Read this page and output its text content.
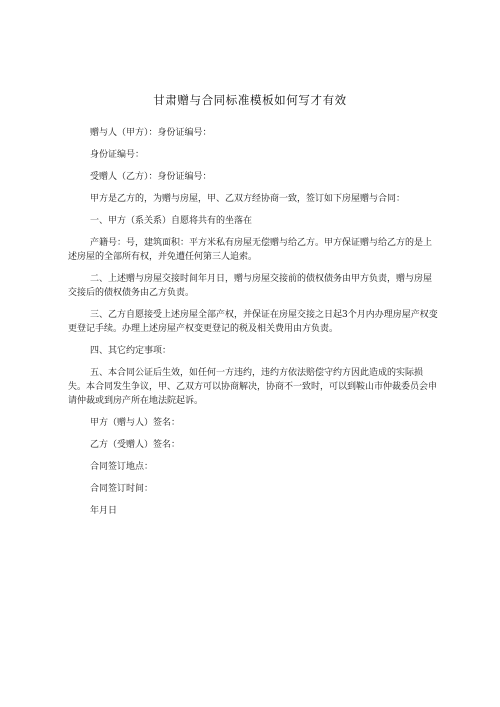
甘肃赠与合同标准模板如何写才有效

赠与人（甲方）：身份证编号：

身份证编号：

受赠人（乙方）：身份证编号：

甲方是乙方的，为赠与房屋，甲、乙双方经协商一致，签订如下房屋赠与合同：

一、甲方（系关系）自愿将共有的坐落在

产籍号：号，建筑面积：平方米私有房屋无偿赠与给乙方。甲方保证赠与给乙方的是上述房屋的全部所有权，并免遭任何第三人追索。

二、上述赠与房屋交接时间年月日，赠与房屋交接前的债权债务由甲方负责，赠与房屋交接后的债权债务由乙方负责。

三、乙方自愿接受上述房屋全部产权，并保证在房屋交接之日起3个月内办理房屋产权变更登记手续。办理上述房屋产权变更登记的税及相关费用由方负责。

四、其它约定事项：

五、本合同公证后生效，如任何一方违约，违约方依法赔偿守约方因此造成的实际损失。本合同发生争议，甲、乙双方可以协商解决，协商不一致时，可以到鞍山市仲裁委员会申请仲裁或到房产所在地法院起诉。

甲方（赠与人）签名：

乙方（受赠人）签名：

合同签订地点：

合同签订时间：

年月日
